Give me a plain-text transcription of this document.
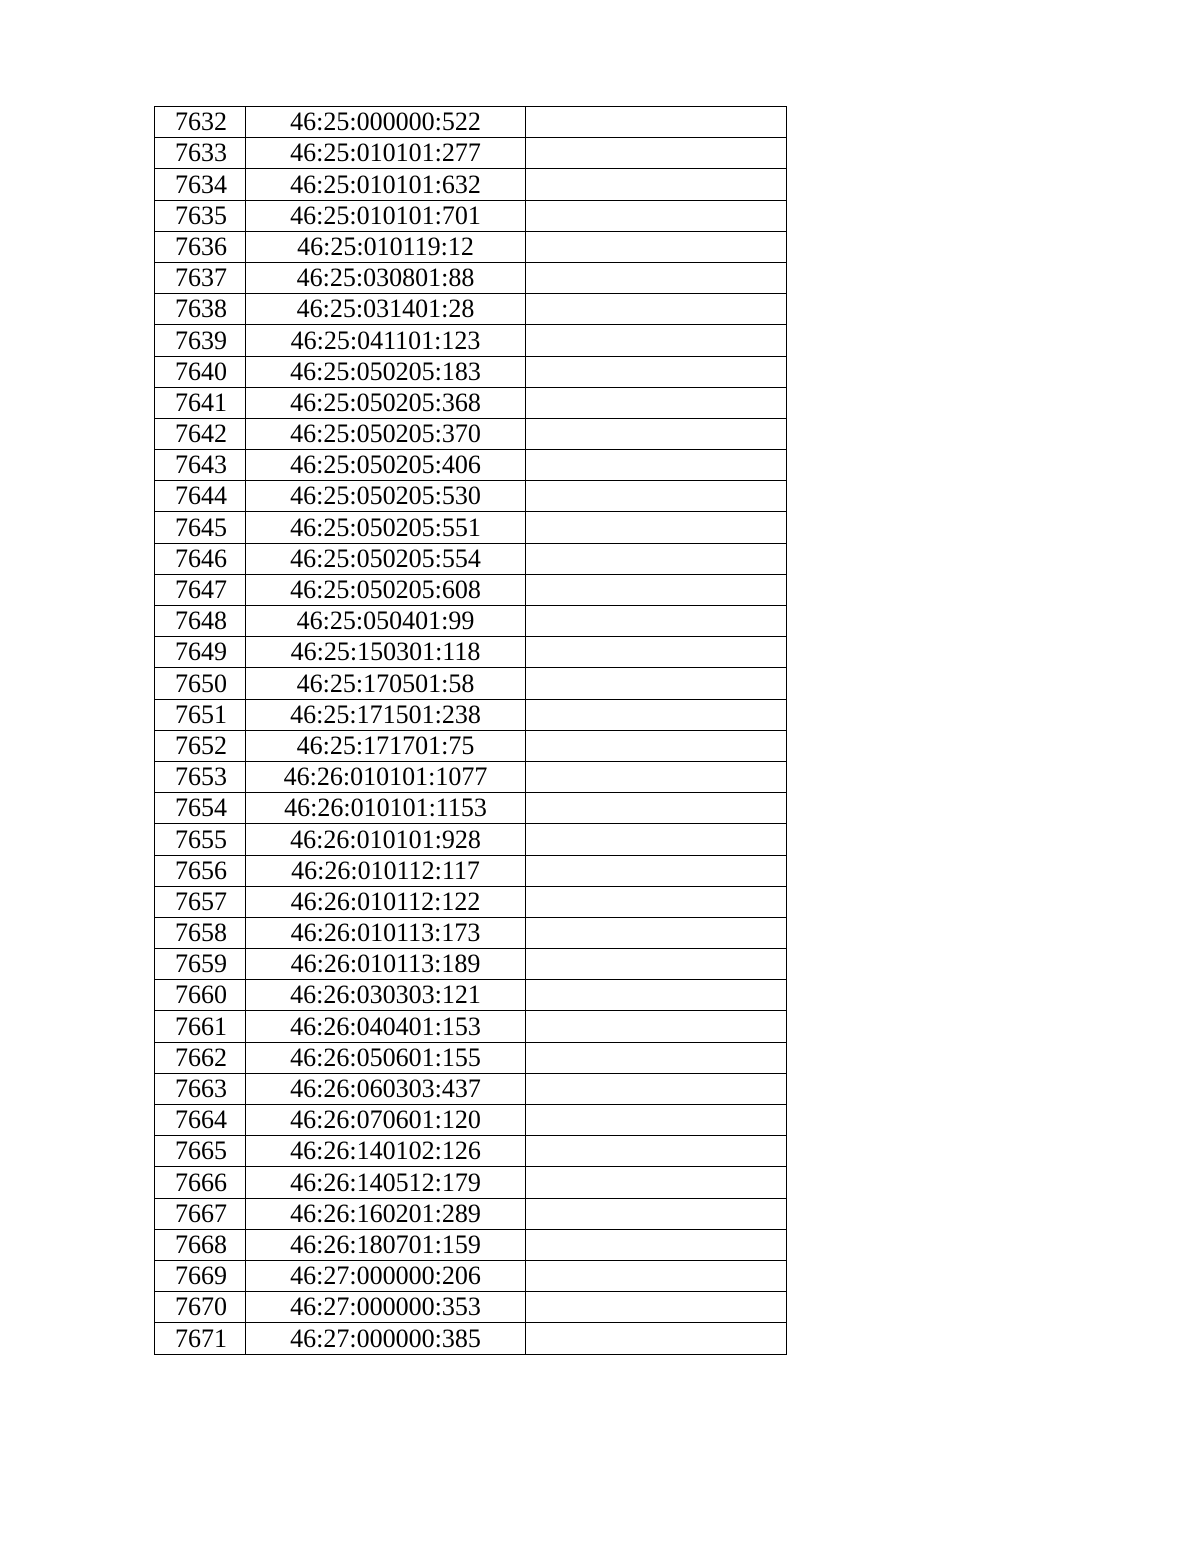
7632	46:25:000000:522	
7633	46:25:010101:277	
7634	46:25:010101:632	
7635	46:25:010101:701	
7636	46:25:010119:12	
7637	46:25:030801:88	
7638	46:25:031401:28	
7639	46:25:041101:123	
7640	46:25:050205:183	
7641	46:25:050205:368	
7642	46:25:050205:370	
7643	46:25:050205:406	
7644	46:25:050205:530	
7645	46:25:050205:551	
7646	46:25:050205:554	
7647	46:25:050205:608	
7648	46:25:050401:99	
7649	46:25:150301:118	
7650	46:25:170501:58	
7651	46:25:171501:238	
7652	46:25:171701:75	
7653	46:26:010101:1077	
7654	46:26:010101:1153	
7655	46:26:010101:928	
7656	46:26:010112:117	
7657	46:26:010112:122	
7658	46:26:010113:173	
7659	46:26:010113:189	
7660	46:26:030303:121	
7661	46:26:040401:153	
7662	46:26:050601:155	
7663	46:26:060303:437	
7664	46:26:070601:120	
7665	46:26:140102:126	
7666	46:26:140512:179	
7667	46:26:160201:289	
7668	46:26:180701:159	
7669	46:27:000000:206	
7670	46:27:000000:353	
7671	46:27:000000:385	
